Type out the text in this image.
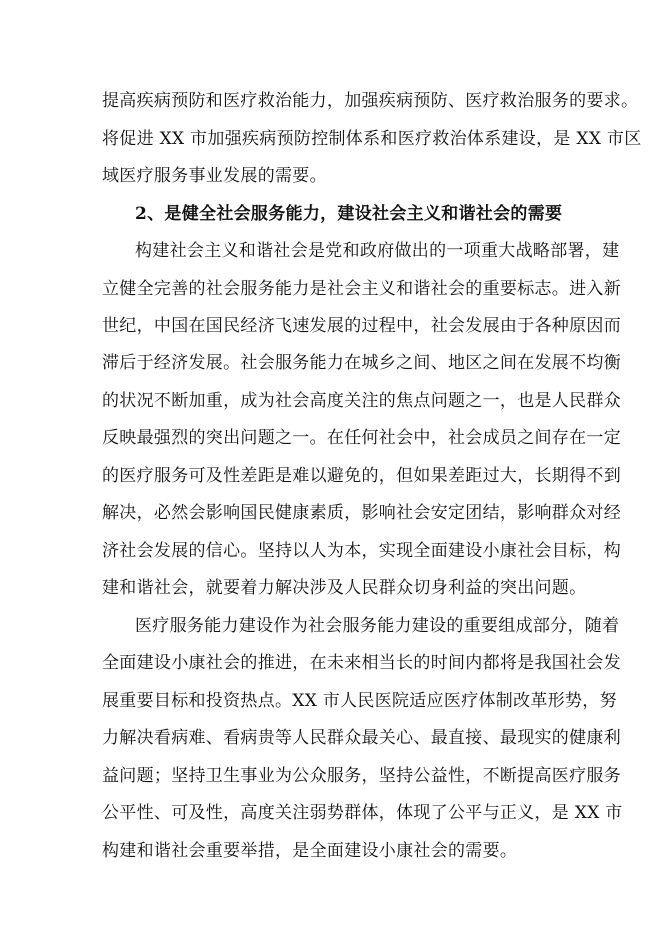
提高疾病预防和医疗救治能力，加强疾病预防、医疗救治服务的要求。
将促进 XX 市加强疾病预防控制体系和医疗救治体系建设，是 XX 市区
域医疗服务事业发展的需要。
2、是健全社会服务能力，建设社会主义和谐社会的需要
构建社会主义和谐社会是党和政府做出的一项重大战略部署，建
立健全完善的社会服务能力是社会主义和谐社会的重要标志。进入新
世纪，中国在国民经济飞速发展的过程中，社会发展由于各种原因而
滞后于经济发展。社会服务能力在城乡之间、地区之间在发展不均衡
的状况不断加重，成为社会高度关注的焦点问题之一，也是人民群众
反映最强烈的突出问题之一。在任何社会中，社会成员之间存在一定
的医疗服务可及性差距是难以避免的，但如果差距过大，长期得不到
解决，必然会影响国民健康素质，影响社会安定团结，影响群众对经
济社会发展的信心。坚持以人为本，实现全面建设小康社会目标，构
建和谐社会，就要着力解决涉及人民群众切身利益的突出问题。
医疗服务能力建设作为社会服务能力建设的重要组成部分，随着
全面建设小康社会的推进，在未来相当长的时间内都将是我国社会发
展重要目标和投资热点。XX 市人民医院适应医疗体制改革形势，努
力解决看病难、看病贵等人民群众最关心、最直接、最现实的健康利
益问题；坚持卫生事业为公众服务，坚持公益性，不断提高医疗服务
公平性、可及性，高度关注弱势群体，体现了公平与正义，是 XX 市
构建和谐社会重要举措，是全面建设小康社会的需要。
